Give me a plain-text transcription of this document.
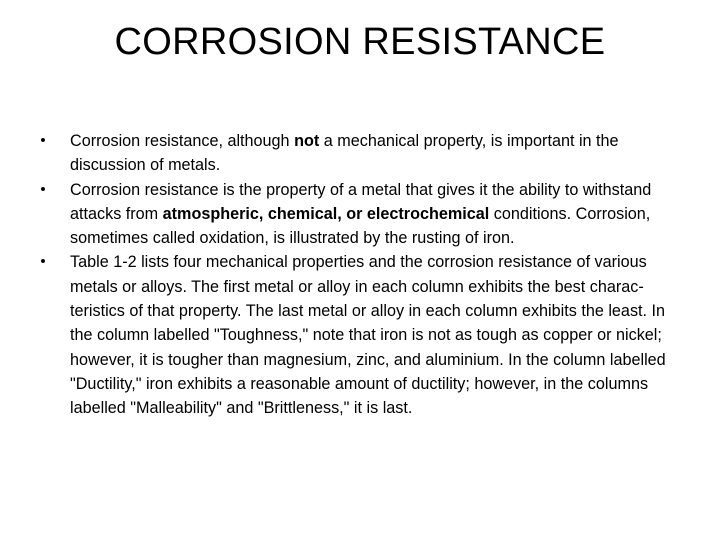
CORROSION RESISTANCE
• Corrosion resistance, although not a mechanical property, is important in the discussion of metals.
• Corrosion resistance is the property of a metal that gives it the ability to withstand attacks from atmospheric, chemical, or electrochemical conditions. Corrosion, sometimes called oxidation, is illustrated by the rusting of iron.
• Table 1-2 lists four mechanical properties and the corrosion resistance of various metals or alloys. The first metal or alloy in each column exhibits the best charac-teristics of that property. The last metal or alloy in each column exhibits the least. In the column labelled "Toughness," note that iron is not as tough as copper or nickel; however, it is tougher than magnesium, zinc, and aluminium. In the column labelled "Ductility," iron exhibits a reasonable amount of ductility; however, in the columns labelled "Malleability" and "Brittleness," it is last.
